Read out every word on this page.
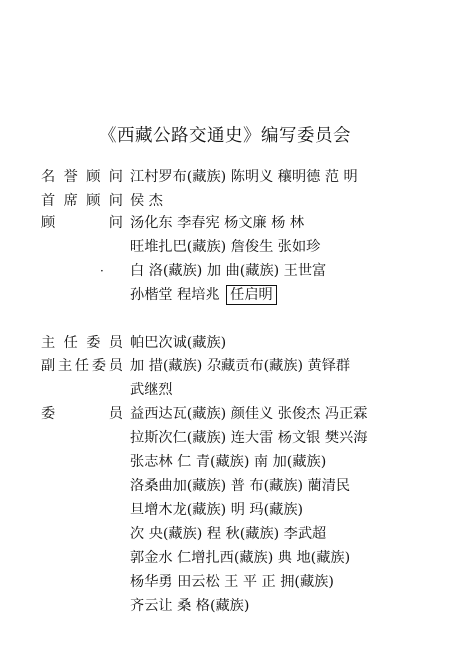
《西藏公路交通史》编写委员会
名誉顾问 江村罗布(藏族) 陈明义 穰明德 范 明
首席顾问 侯 杰
顾 问 汤化东 李春宪 杨文廉 杨 林
旺堆扎巴(藏族) 詹俊生 张如珍
· 白 洛(藏族) 加 曲(藏族) 王世富
孙楷堂 程培兆 任启明
主任委员 帕巴次诚(藏族)
副主任委员 加 措(藏族) 尕藏贡布(藏族) 黄铎群
武继烈
委 员 益西达瓦(藏族) 颜佳义 张俊杰 冯正霖
拉斯次仁(藏族) 连大雷 杨文银 樊兴海
张志林 仁 青(藏族) 南 加(藏族)
洛桑曲加(藏族) 普 布(藏族) 藺清民
旦增木龙(藏族) 明 玛(藏族)
次 央(藏族) 程 秋(藏族) 李武超
郭金水 仁增扎西(藏族) 典 地(藏族)
杨华勇 田云松 王 平 正 拥(藏族)
齐云让 桑 格(藏族)
